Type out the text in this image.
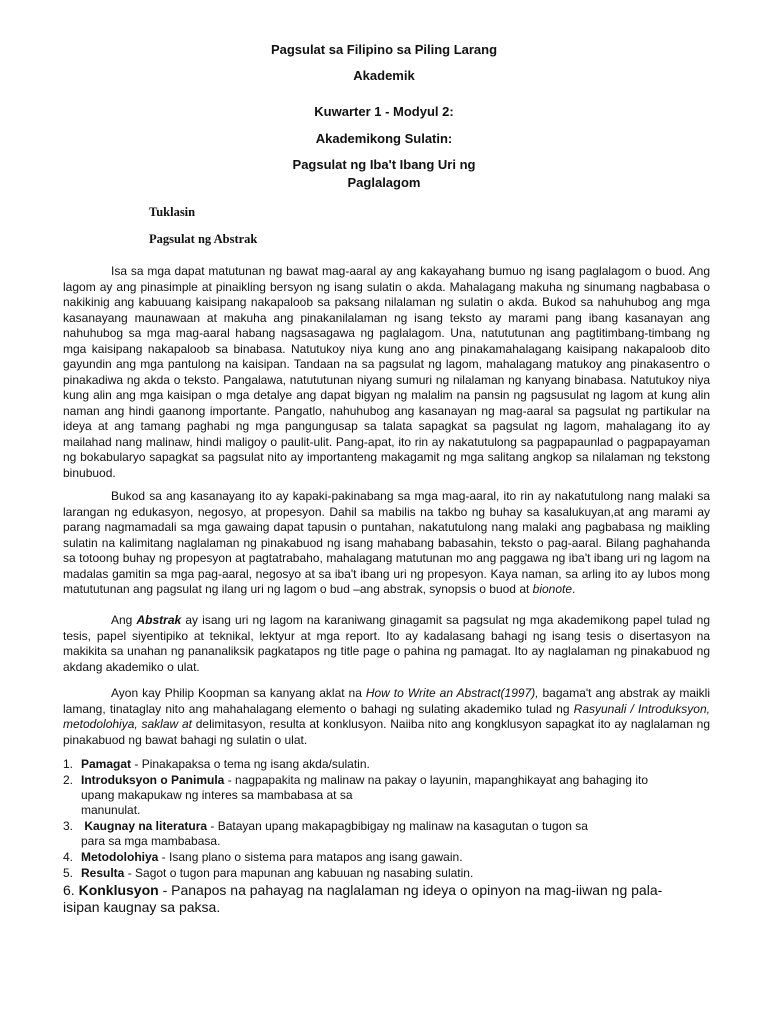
Pagsulat sa Filipino sa Piling Larang
Akademik
Kuwarter 1 - Modyul 2:
Akademikong Sulatin:
Pagsulat ng Iba't Ibang Uri ng
Paglalagom
Tuklasin
Pagsulat ng Abstrak

Isa sa mga dapat matutunan ng bawat mag-aaral ay ang kakayahang bumuo ng isang paglalagom o buod. Ang lagom ay ang pinasimple at pinaikling bersyon ng isang sulatin o akda. Mahalagang makuha ng sinumang nagbabasa o nakikinig ang kabuuang kaisipang nakapaloob sa paksang nilalaman ng sulatin o akda. Bukod sa nahuhubog ang mga kasanayang maunawaan at makuha ang pinakanilalaman ng isang teksto ay marami pang ibang kasanayan ang nahuhubog sa mga mag-aaral habang nagsasagawa ng paglalagom. Una, natututunan ang pagtitimbang-timbang ng mga kaisipang nakapaloob sa binabasa. Natutukoy niya kung ano ang pinakamahalagang kaisipang nakapaloob dito gayundin ang mga pantulong na kaisipan. Tandaan na sa pagsulat ng lagom, mahalagang matukoy ang pinakasentro o pinakadiwa ng akda o teksto. Pangalawa, natututunan niyang sumuri ng nilalaman ng kanyang binabasa. Natutukoy niya kung alin ang mga kaisipan o mga detalye ang dapat bigyan ng malalim na pansin ng pagsusulat ng lagom at kung alin naman ang hindi gaanong importante. Pangatlo, nahuhubog ang kasanayan ng mag-aaral sa pagsulat ng partikular na ideya at ang tamang paghabi ng mga pangungusap sa talata sapagkat sa pagsulat ng lagom, mahalagang ito ay mailahad nang malinaw, hindi maligoy o paulit-ulit. Pang-apat, ito rin ay nakatutulong sa pagpapaunlad o pagpapayaman ng bokabularyo sapagkat sa pagsulat nito ay importanteng makagamit ng mga salitang angkop sa nilalaman ng tekstong binubuod.

Bukod sa ang kasanayang ito ay kapaki-pakinabang sa mga mag-aaral, ito rin ay nakatutulong nang malaki sa larangan ng edukasyon, negosyo, at propesyon. Dahil sa mabilis na takbo ng buhay sa kasalukuyan,at ang marami ay parang nagmamadali sa mga gawaing dapat tapusin o puntahan, nakatutulong nang malaki ang pagbabasa ng maikling sulatin na kalimitang naglalaman ng pinakabuod ng isang mahabang babasahin, teksto o pag-aaral. Bilang paghahanda sa totoong buhay ng propesyon at pagtatrabaho, mahalagang matutunan mo ang paggawa ng iba't ibang uri ng lagom na madalas gamitin sa mga pag-aaral, negosyo at sa iba't ibang uri ng propesyon. Kaya naman, sa arling ito ay lubos mong matututunan ang pagsulat ng ilang uri ng lagom o bud –ang abstrak, synopsis o buod at bionote.

Ang Abstrak ay isang uri ng lagom na karaniwang ginagamit sa pagsulat ng mga akademikong papel tulad ng tesis, papel siyentipiko at teknikal, lektyur at mga report. Ito ay kadalasang bahagi ng isang tesis o disertasyon na makikita sa unahan ng pananaliksik pagkatapos ng title page o pahina ng pamagat. Ito ay naglalaman ng pinakabuod ng akdang akademiko o ulat.

Ayon kay Philip Koopman sa kanyang aklat na How to Write an Abstract(1997), bagama't ang abstrak ay maikli lamang, tinataglay nito ang mahahalagang elemento o bahagi ng sulating akademiko tulad ng Rasyunali / Introduksyon, metodolohiya, saklaw at delimitasyon, resulta at konklusyon. Naiiba nito ang kongklusyon sapagkat ito ay naglalaman ng pinakabuod ng bawat bahagi ng sulatin o ulat.

1. Pamagat - Pinakapaksa o tema ng isang akda/sulatin.
2. Introduksyon o Panimula - nagpapakita ng malinaw na pakay o layunin, mapanghikayat ang bahaging ito
upang makapukaw ng interes sa mambabasa at sa
manunulat.
3. Kaugnay na literatura - Batayan upang makapagbibigay ng malinaw na kasagutan o tugon sa
para sa mga mambabasa.
4. Metodolohiya - Isang plano o sistema para matapos ang isang gawain.
5. Resulta - Sagot o tugon para mapunan ang kabuuan ng nasabing sulatin.
6. Konklusyon - Panapos na pahayag na naglalaman ng ideya o opinyon na mag-iiwan ng pala-
isipan kaugnay sa paksa.
